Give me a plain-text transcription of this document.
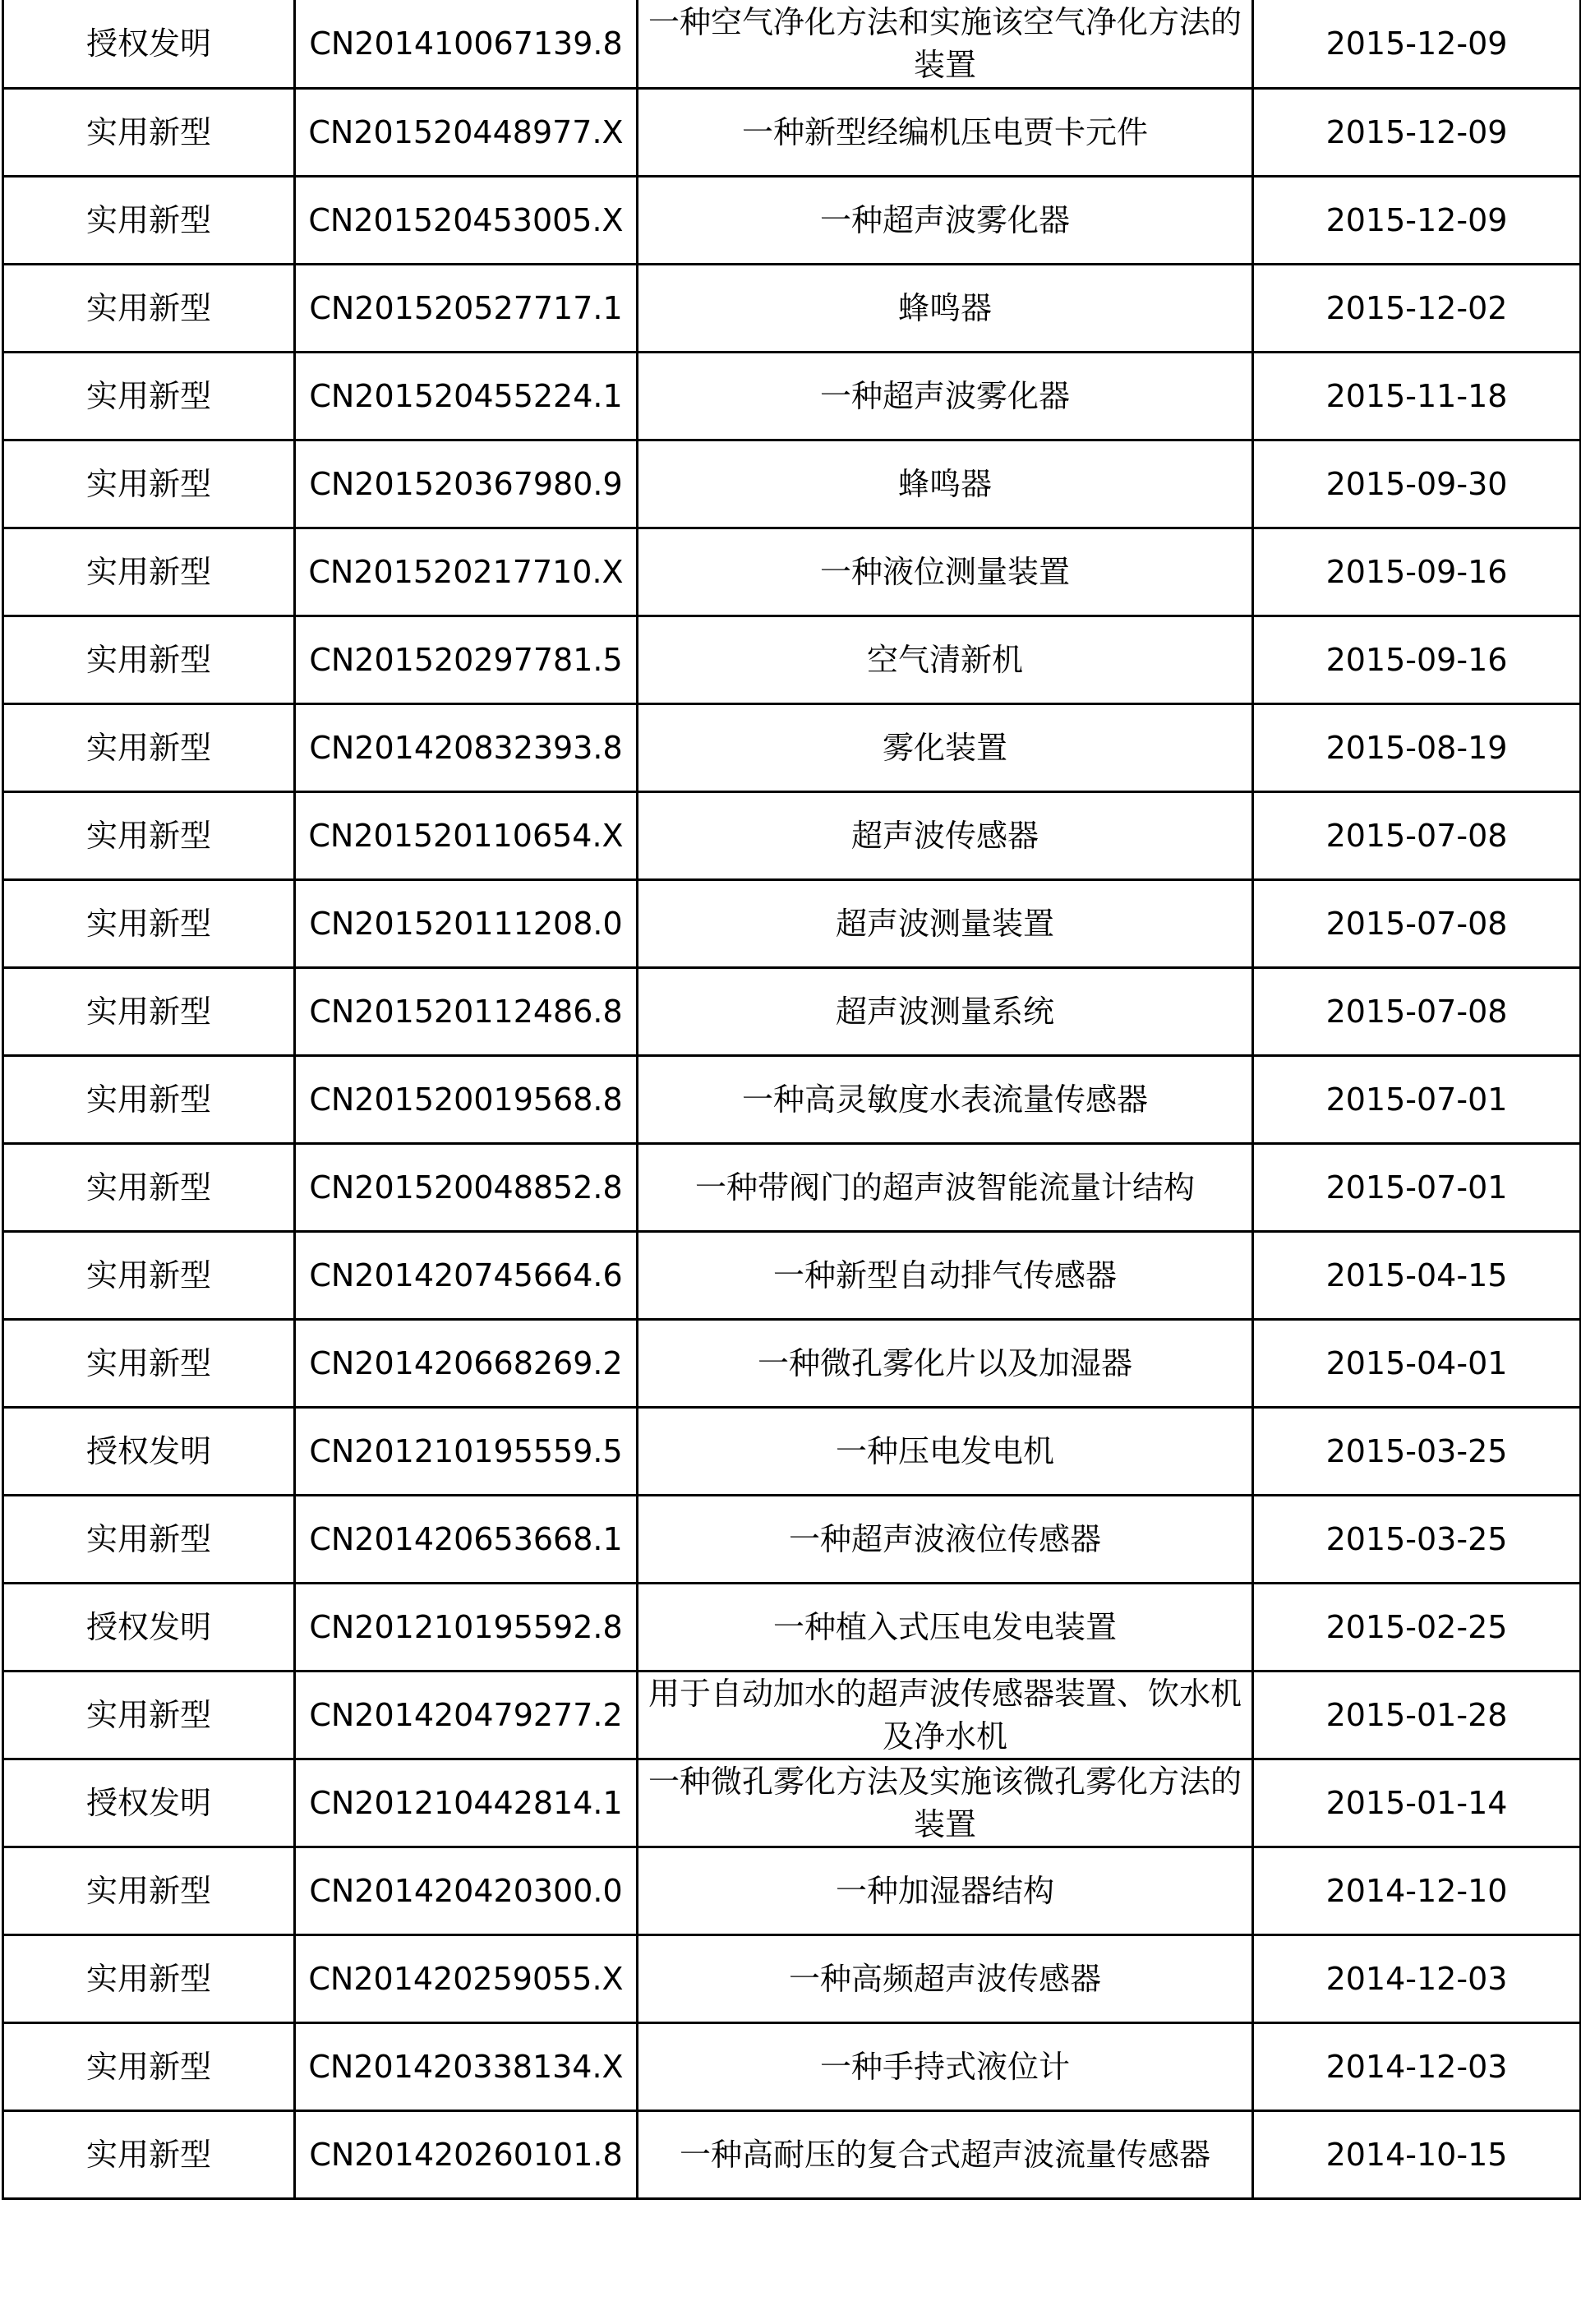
授权发明	CN201410067139.8	一种空气净化方法和实施该空气净化方法的装置	2015-12-09
实用新型	CN201520448977.X	一种新型经编机压电贾卡元件	2015-12-09
实用新型	CN201520453005.X	一种超声波雾化器	2015-12-09
实用新型	CN201520527717.1	蜂鸣器	2015-12-02
实用新型	CN201520455224.1	一种超声波雾化器	2015-11-18
实用新型	CN201520367980.9	蜂鸣器	2015-09-30
实用新型	CN201520217710.X	一种液位测量装置	2015-09-16
实用新型	CN201520297781.5	空气清新机	2015-09-16
实用新型	CN201420832393.8	雾化装置	2015-08-19
实用新型	CN201520110654.X	超声波传感器	2015-07-08
实用新型	CN201520111208.0	超声波测量装置	2015-07-08
实用新型	CN201520112486.8	超声波测量系统	2015-07-08
实用新型	CN201520019568.8	一种高灵敏度水表流量传感器	2015-07-01
实用新型	CN201520048852.8	一种带阀门的超声波智能流量计结构	2015-07-01
实用新型	CN201420745664.6	一种新型自动排气传感器	2015-04-15
实用新型	CN201420668269.2	一种微孔雾化片以及加湿器	2015-04-01
授权发明	CN201210195559.5	一种压电发电机	2015-03-25
实用新型	CN201420653668.1	一种超声波液位传感器	2015-03-25
授权发明	CN201210195592.8	一种植入式压电发电装置	2015-02-25
实用新型	CN201420479277.2	用于自动加水的超声波传感器装置、饮水机及净水机	2015-01-28
授权发明	CN201210442814.1	一种微孔雾化方法及实施该微孔雾化方法的装置	2015-01-14
实用新型	CN201420420300.0	一种加湿器结构	2014-12-10
实用新型	CN201420259055.X	一种高频超声波传感器	2014-12-03
实用新型	CN201420338134.X	一种手持式液位计	2014-12-03
实用新型	CN201420260101.8	一种高耐压的复合式超声波流量传感器	2014-10-15
